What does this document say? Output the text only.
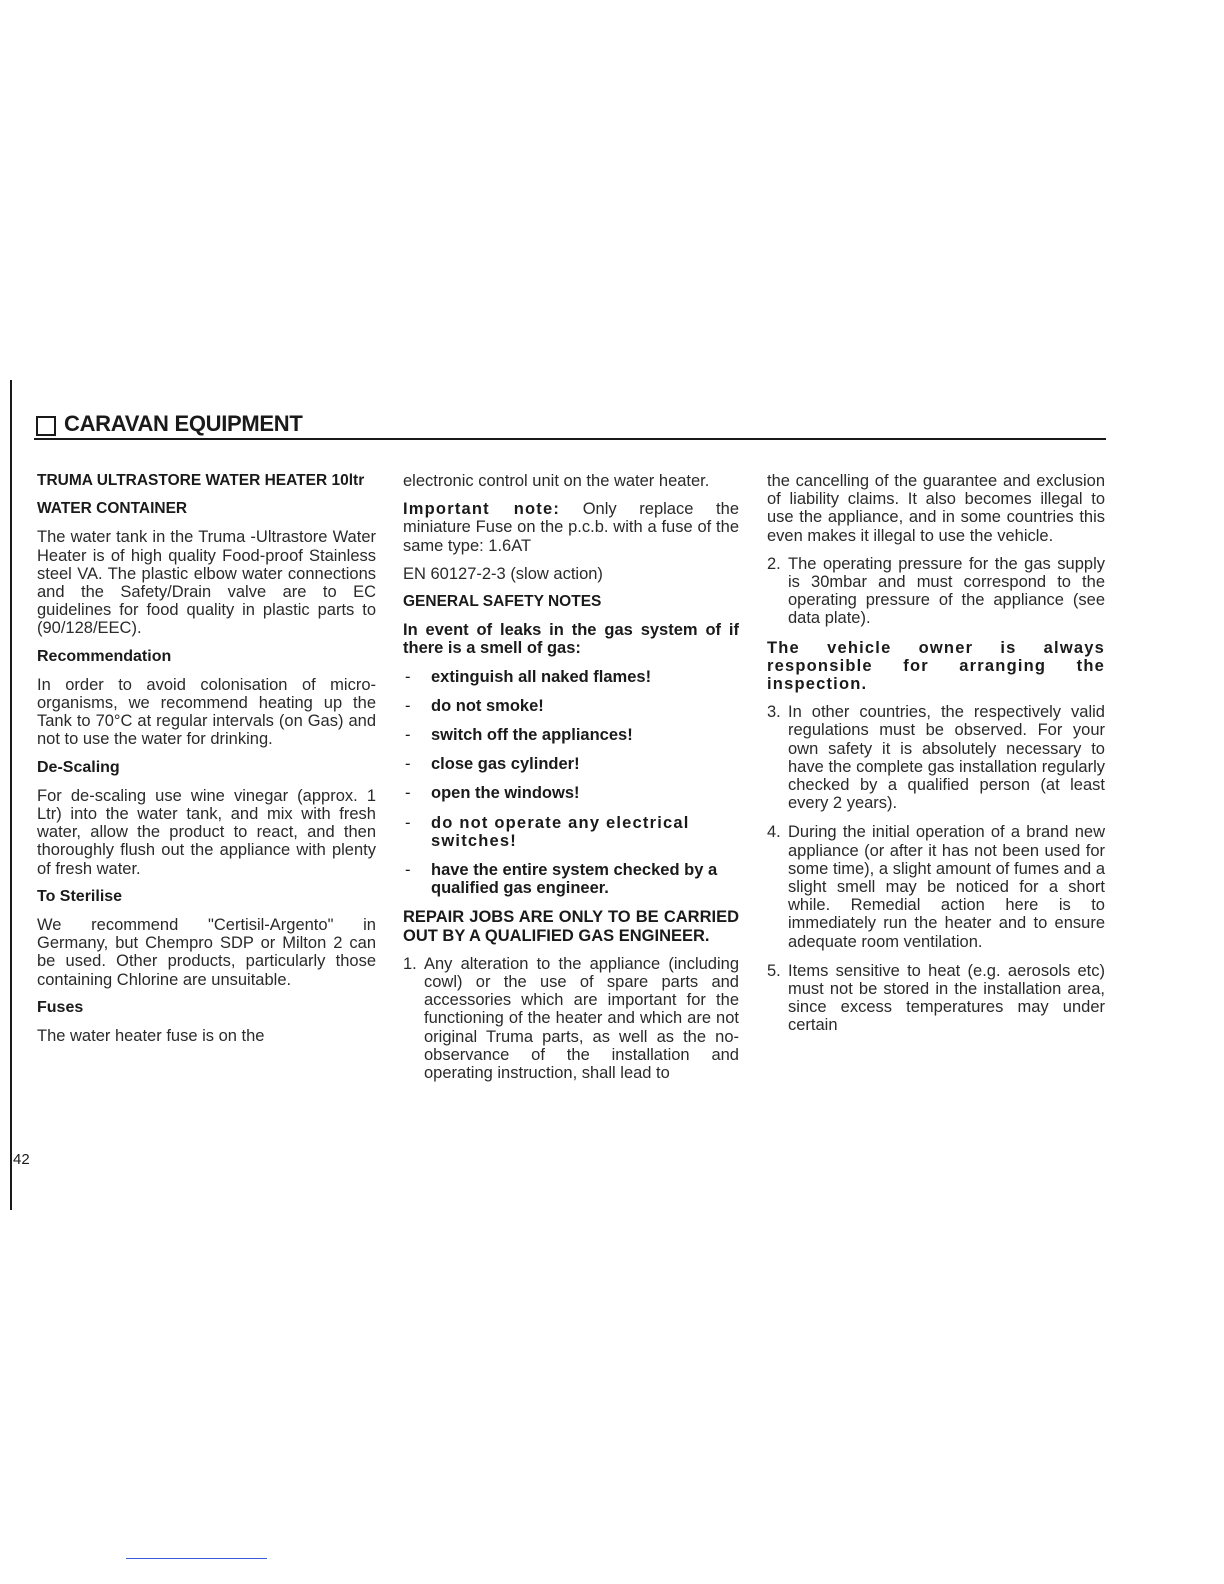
CARAVAN EQUIPMENT
TRUMA ULTRASTORE WATER HEATER 10ltr
WATER CONTAINER

The water tank in the Truma -Ultrastore Water Heater is of high quality Food-proof Stainless steel VA. The plastic elbow water connections and the Safety/Drain valve are to EC guidelines for food quality in plastic parts to (90/128/EEC).

Recommendation

In order to avoid colonisation of micro-organisms, we recommend heating up the Tank to 70°C at regular intervals (on Gas) and not to use the water for drinking.

De-Scaling

For de-scaling use wine vinegar (approx. 1 Ltr) into the water tank, and mix with fresh water, allow the product to react, and then thoroughly flush out the appliance with plenty of fresh water.

To Sterilise

We recommend "Certisil-Argento" in Germany, but Chempro SDP or Milton 2 can be used. Other products, particularly those containing Chlorine are unsuitable.

Fuses

The water heater fuse is on the

electronic control unit on the water heater.

Important note: Only replace the miniature Fuse on the p.c.b. with a fuse of the same type: 1.6AT

EN 60127-2-3 (slow action)

GENERAL SAFETY NOTES

In event of leaks in the gas system of if there is a smell of gas:

- extinguish all naked flames!
- do not smoke!
- switch off the appliances!
- close gas cylinder!
- open the windows!
- do not operate any electrical switches!
- have the entire system checked by a qualified gas engineer.

REPAIR JOBS ARE ONLY TO BE CARRIED OUT BY A QUALIFIED GAS ENGINEER.

1. Any alteration to the appliance (including cowl) or the use of spare parts and accessories which are important for the functioning of the heater and which are not original Truma parts, as well as the no-observance of the installation and operating instruction, shall lead to

the cancelling of the guarantee and exclusion of liability claims. It also becomes illegal to use the appliance, and in some countries this even makes it illegal to use the vehicle.

2. The operating pressure for the gas supply is 30mbar and must correspond to the operating pressure of the appliance (see data plate).

The vehicle owner is always responsible for arranging the inspection.

3. In other countries, the respectively valid regulations must be observed. For your own safety it is absolutely necessary to have the complete gas installation regularly checked by a qualified person (at least every 2 years).
4. During the initial operation of a brand new appliance (or after it has not been used for some time), a slight amount of fumes and a slight smell may be noticed for a short while. Remedial action here is to immediately run the heater and to ensure adequate room ventilation.
5. Items sensitive to heat (e.g. aerosols etc) must not be stored in the installation area, since excess temperatures may under certain
42
